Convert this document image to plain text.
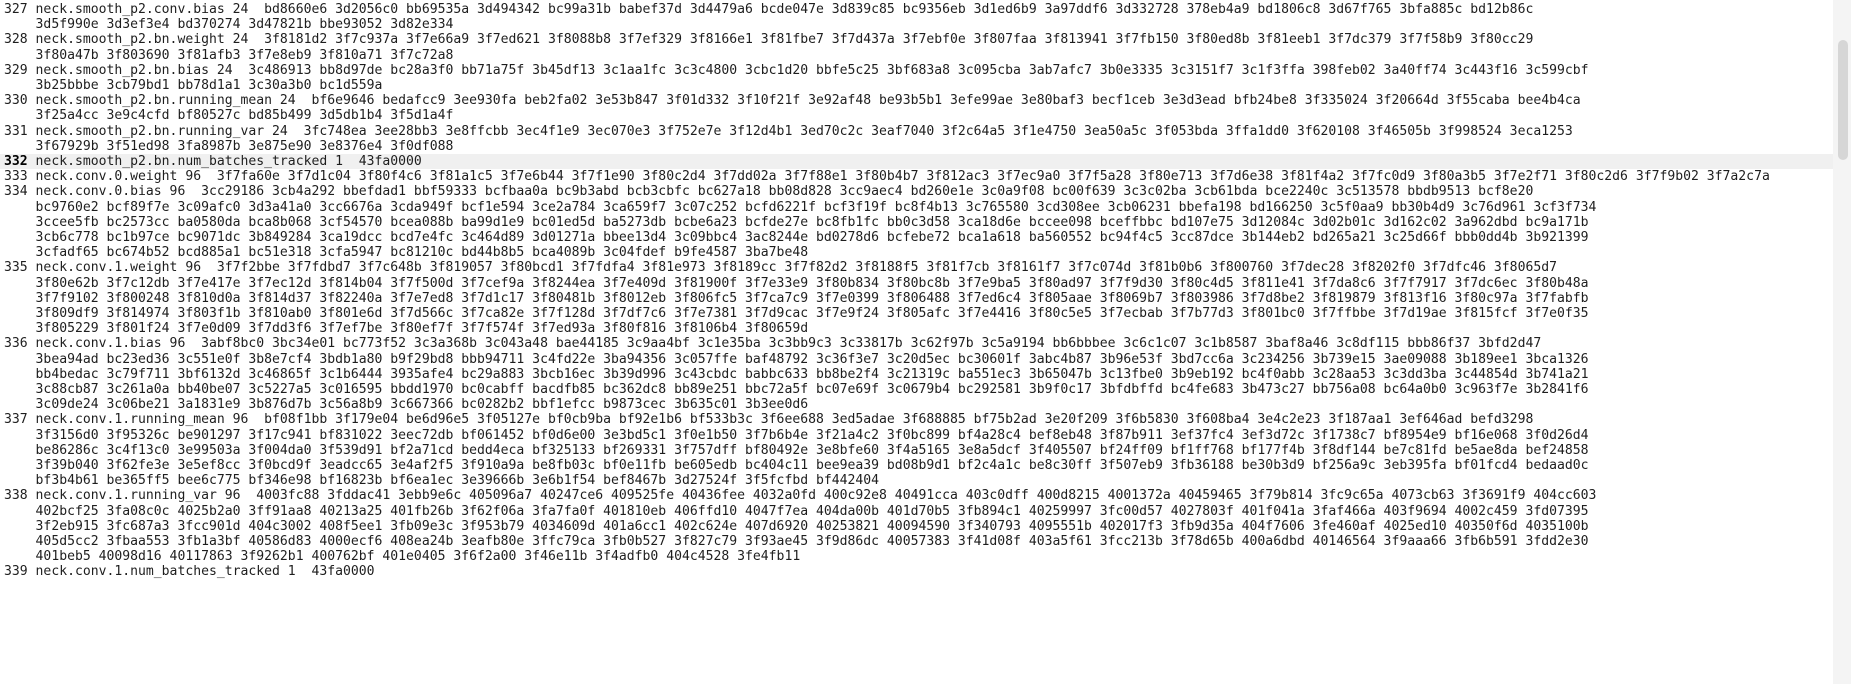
327 neck.smooth_p2.conv.bias 24  bd8660e6 3d2056c0 bb69535a 3d494342 bc99a31b babef37d 3d4479a6 bcde047e 3d839c85 bc9356eb 3d1ed6b9 3a97ddf6 3d332728 378eb4a9 bd1806c8 3d67f765 3bfa885c bd12b86c
3d5f990e 3d3ef3e4 bd370274 3d47821b bbe93052 3d82e334
328 neck.smooth_p2.bn.weight 24  3f8181d2 3f7c937a 3f7e66a9 3f7ed621 3f8088b8 3f7ef329 3f8166e1 3f81fbe7 3f7d437a 3f7ebf0e 3f807faa 3f813941 3f7fb150 3f80ed8b 3f81eeb1 3f7dc379 3f7f58b9 3f80cc29
3f80a47b 3f803690 3f81afb3 3f7e8eb9 3f810a71 3f7c72a8
329 neck.smooth_p2.bn.bias 24  3c486913 bb8d97de bc28a3f0 bb71a75f 3b45df13 3c1aa1fc 3c3c4800 3cbc1d20 bbfe5c25 3bf683a8 3c095cba 3ab7afc7 3b0e3335 3c3151f7 3c1f3ffa 398feb02 3a40ff74 3c443f16 3c599cbf
3b25bbbe 3cb79bd1 bb78d1a1 3c30a3b0 bc1d559a
330 neck.smooth_p2.bn.running_mean 24  bf6e9646 bedafcc9 3ee930fa beb2fa02 3e53b847 3f01d332 3f10f21f 3e92af48 be93b5b1 3efe99ae 3e80baf3 becf1ceb 3e3d3ead bfb24be8 3f335024 3f20664d 3f55caba bee4b4ca
3f25a4cc 3e9c4cfd bf80527c bd85b499 3d5db1b4 3f5d1a4f
331 neck.smooth_p2.bn.running_var 24  3fc748ea 3ee28bb3 3e8ffcbb 3ec4f1e9 3ec070e3 3f752e7e 3f12d4b1 3ed70c2c 3eaf7040 3f2c64a5 3f1e4750 3ea50a5c 3f053bda 3ffa1dd0 3f620108 3f46505b 3f998524 3eca1253
3f67929b 3f51ed98 3fa8987b 3e875e90 3e8376e4 3f0df088
332 neck.smooth_p2.bn.num_batches_tracked 1  43fa0000
333 neck.conv.0.weight 96  3f7fa60e 3f7d1c04 3f80f4c6 3f81a1c5 3f7e6b44 3f7f1e90 3f80c2d4 3f7dd02a 3f7f88e1 3f80b4b7 3f812ac3 3f7ec9a0 3f7f5a28 3f80e713 3f7d6e38 3f81f4a2 3f7fc0d9 3f80a3b5 3f7e2f71 3f80c2d6 3f7f9b02 3f7a2c7a
334 neck.conv.0.bias 96  3cc29186 3cb4a292 bbefdad1 bbf59333 bcfbaa0a bc9b3abd bcb3cbfc bc627a18 bb08d828 3cc9aec4 bd260e1e 3c0a9f08 bc00f639 3c3c02ba 3cb61bda bce2240c 3c513578 bbdb9513 bcf8e20
bc9760e2 bcf89f7e 3c09afc0 3d3a41a0 3cc6676a 3cda949f bcf1e594 3ce2a784 3ca659f7 3c07c252 bcfd6221f bcf3f19f bc8f4b13 3c765580 3cd308ee 3cb06231 bbefa198 bd166250 3c5f0aa9 bb30b4d9 3c76d961 3cf3f734
3ccee5fb bc2573cc ba0580da bca8b068 3cf54570 bcea088b ba99d1e9 bc01ed5d ba5273db bcbe6a23 bcfde27e bc8fb1fc bb0c3d58 3ca18d6e bccee098 bceffbbc bd107e75 3d12084c 3d02b01c 3d162c02 3a962dbd bc9a171b
3cb6c778 bc1b97ce bc9071dc 3b849284 3ca19dcc bcd7e4fc 3c464d89 3d01271a bbee13d4 3c09bbc4 3ac8244e bd0278d6 bcfebe72 bca1a618 ba560552 bc94f4c5 3cc87dce 3b144eb2 bd265a21 3c25d66f bbb0dd4b 3b921399
3cfadf65 bc674b52 bcd885a1 bc51e318 3cfa5947 bc81210c bd44b8b5 bca4089b 3c04fdef b9fe4587 3ba7be48
335 neck.conv.1.weight 96  3f7f2bbe 3f7fdbd7 3f7c648b 3f819057 3f80bcd1 3f7fdfa4 3f81e973 3f8189cc 3f7f82d2 3f8188f5 3f81f7cb 3f8161f7 3f7c074d 3f81b0b6 3f800760 3f7dec28 3f8202f0 3f7dfc46 3f8065d7
3f80e62b 3f7c12db 3f7e417e 3f7ec12d 3f814b04 3f7f500d 3f7cef9a 3f8244ea 3f7e409d 3f81900f 3f7e33e9 3f80b834 3f80bc8b 3f7e9ba5 3f80ad97 3f7f9d30 3f80c4d5 3f811e41 3f7da8c6 3f7f7917 3f7dc6ec 3f80b48a
3f7f9102 3f800248 3f810d0a 3f814d37 3f82240a 3f7e7ed8 3f7d1c17 3f80481b 3f8012eb 3f806fc5 3f7ca7c9 3f7e0399 3f806488 3f7ed6c4 3f805aae 3f8069b7 3f803986 3f7d8be2 3f819879 3f813f16 3f80c97a 3f7fabfb
3f809df9 3f814974 3f803f1b 3f810ab0 3f801e6d 3f7d566c 3f7ca82e 3f7f128d 3f7df7c6 3f7e7381 3f7d9cac 3f7e9f24 3f805afc 3f7e4416 3f80c5e5 3f7ecbab 3f7b77d3 3f801bc0 3f7ffbbe 3f7d19ae 3f815fcf 3f7e0f35
3f805229 3f801f24 3f7e0d09 3f7dd3f6 3f7ef7be 3f80ef7f 3f7f574f 3f7ed93a 3f80f816 3f8106b4 3f80659d
336 neck.conv.1.bias 96  3abf8bc0 3bc34e01 bc773f52 3c3a368b 3c043a48 bae44185 3c9aa4bf 3c1e35ba 3c3bb9c3 3c33817b 3c62f97b 3c5a9194 bb6bbbee 3c6c1c07 3c1b8587 3baf8a46 3c8df115 bbb86f37 3bfd2d47
3bea94ad bc23ed36 3c551e0f 3b8e7cf4 3bdb1a80 b9f29bd8 bbb94711 3c4fd22e 3ba94356 3c057ffe baf48792 3c36f3e7 3c20d5ec bc30601f 3abc4b87 3b96e53f 3bd7cc6a 3c234256 3b739e15 3ae09088 3b189ee1 3bca1326
bb4bedac 3c79f711 3bf6132d 3c46865f 3c1b6444 3935afe4 bc29a883 3bcb16ec 3b39d996 3c43cbdc babbc633 bb8be2f4 3c21319c ba551ec3 3b65047b 3c13fbe0 3b9eb192 bc4f0abb 3c28aa53 3c3dd3ba 3c44854d 3b741a21
3c88cb87 3c261a0a bb40be07 3c5227a5 3c016595 bbdd1970 bc0cabff bacdfb85 bc362dc8 bb89e251 bbc72a5f bc07e69f 3c0679b4 bc292581 3b9f0c17 3bfdbffd bc4fe683 3b473c27 bb756a08 bc64a0b0 3c963f7e 3b2841f6
3c09de24 3c06be21 3a1831e9 3b876d7b 3c56a8b9 3c667366 bc0282b2 bbf1efcc b9873cec 3b635c01 3b3ee0d6
337 neck.conv.1.running_mean 96  bf08f1bb 3f179e04 be6d96e5 3f05127e bf0cb9ba bf92e1b6 bf533b3c 3f6ee688 3ed5adae 3f688885 bf75b2ad 3e20f209 3f6b5830 3f608ba4 3e4c2e23 3f187aa1 3ef646ad befd3298
3f3156d0 3f95326c be901297 3f17c941 bf831022 3eec72db bf061452 bf0d6e00 3e3bd5c1 3f0e1b50 3f7b6b4e 3f21a4c2 3f0bc899 bf4a28c4 bef8eb48 3f87b911 3ef37fc4 3ef3d72c 3f1738c7 bf8954e9 bf16e068 3f0d26d4
be86286c 3c4f13c0 3e99503a 3f004da0 3f539d91 bf2a71cd bedd4eca bf325133 bf269331 3f757dff bf80492e 3e8bfe60 3f4a5165 3e8a5dcf 3f405507 bf24ff09 bf1ff768 bf177f4b 3f8df144 be7c81fd be5ae8da bef24858
3f39b040 3f62fe3e 3e5ef8cc 3f0bcd9f 3eadcc65 3e4af2f5 3f910a9a be8fb03c bf0e11fb be605edb bc404c11 bee9ea39 bd08b9d1 bf2c4a1c be8c30ff 3f507eb9 3fb36188 be30b3d9 bf256a9c 3eb395fa bf01fcd4 bedaad0c
bf3b4b61 be365ff5 bee6c775 bf346e98 bf16823b bf6ea1ec 3e39666b 3e6b1f54 bef8467b 3d27524f 3f5fcfbd bf442404
338 neck.conv.1.running_var 96  4003fc88 3fddac41 3ebb9e6c 405096a7 40247ce6 409525fe 40436fee 4032a0fd 400c92e8 40491cca 403c0dff 400d8215 4001372a 40459465 3f79b814 3fc9c65a 4073cb63 3f3691f9 404cc603
402bcf25 3fa08c0c 4025b2a0 3ff91aa8 40213a25 401fb26b 3f62f06a 3fa7fa0f 401810eb 406ffd10 4047f7ea 404da00b 401d70b5 3fb894c1 40259997 3fc00d57 4027803f 401f041a 3faf466a 403f9694 4002c459 3fd07395
3f2eb915 3fc687a3 3fcc901d 404c3002 408f5ee1 3fb09e3c 3f953b79 4034609d 401a6cc1 402c624e 407d6920 40253821 40094590 3f340793 4095551b 402017f3 3fb9d35a 404f7606 3fe460af 4025ed10 40350f6d 4035100b
405d5cc2 3fbaa553 3fb1a3bf 40586d83 4000ecf6 408ea24b 3eafb80e 3ffc79ca 3fb0b527 3f827c79 3f93ae45 3f9d86dc 40057383 3f41d08f 403a5f61 3fcc213b 3f78d65b 400a6dbd 40146564 3f9aaa66 3fb6b591 3fdd2e30
401beb5 40098d16 40117863 3f9262b1 400762bf 401e0405 3f6f2a00 3f46e11b 3f4adfb0 404c4528 3fe4fb11
339 neck.conv.1.num_batches_tracked 1  43fa0000
